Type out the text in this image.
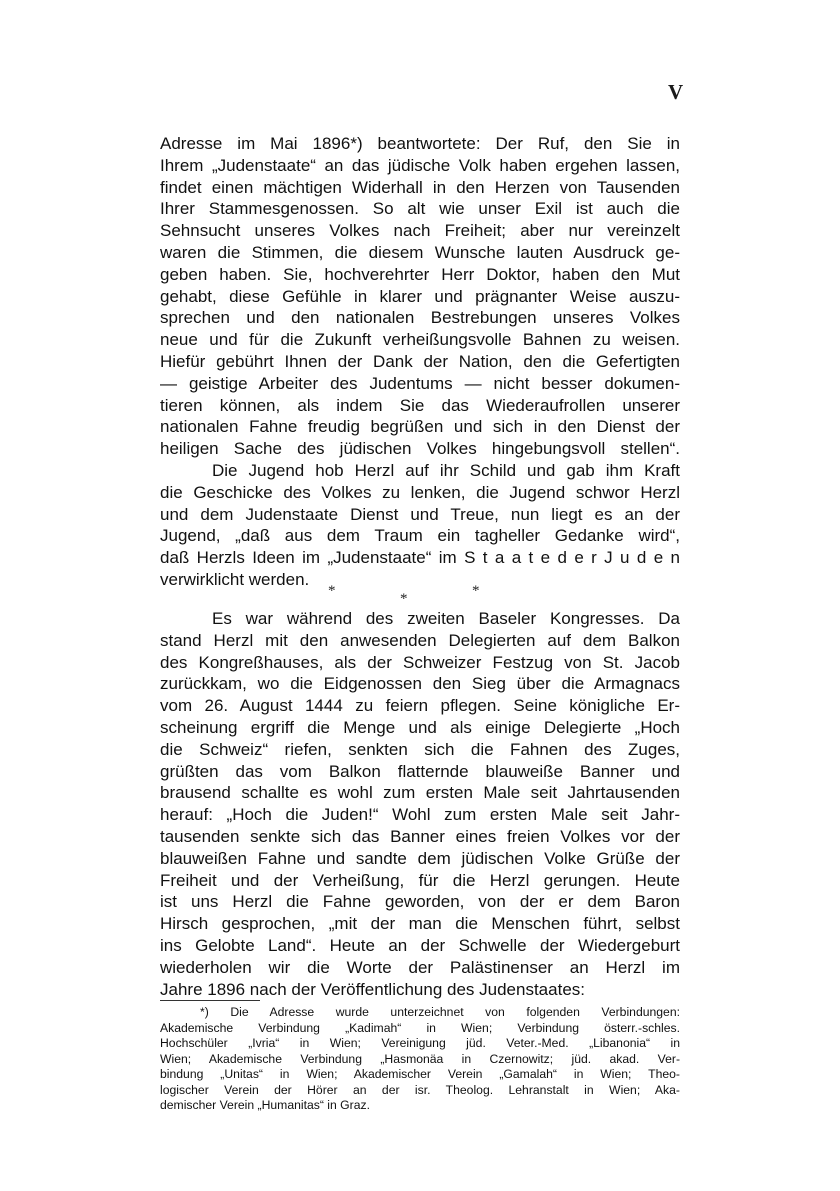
V
Adresse im Mai 1896*) beantwortete: Der Ruf, den Sie in
Ihrem „Judenstaate“ an das jüdische Volk haben ergehen lassen,
findet einen mächtigen Widerhall in den Herzen von Tausenden
Ihrer Stammesgenossen. So alt wie unser Exil ist auch die
Sehnsucht unseres Volkes nach Freiheit; aber nur vereinzelt
waren die Stimmen, die diesem Wunsche lauten Ausdruck ge-
geben haben. Sie, hochverehrter Herr Doktor, haben den Mut
gehabt, diese Gefühle in klarer und prägnanter Weise auszu-
sprechen und den nationalen Bestrebungen unseres Volkes
neue und für die Zukunft verheißungsvolle Bahnen zu weisen.
Hiefür gebührt Ihnen der Dank der Nation, den die Gefertigten
— geistige Arbeiter des Judentums — nicht besser dokumen-
tieren können, als indem Sie das Wiederaufrollen unserer
nationalen Fahne freudig begrüßen und sich in den Dienst der
heiligen Sache des jüdischen Volkes hingebungsvoll stellen“.
Die Jugend hob Herzl auf ihr Schild und gab ihm Kraft
die Geschicke des Volkes zu lenken, die Jugend schwor Herzl
und dem Judenstaate Dienst und Treue, nun liegt es an der
Jugend, „daß aus dem Traum ein tagheller Gedanke wird“,
daß Herzls Ideen im „Judenstaate“ im S t a a t e d e r J u d e n
verwirklicht werden.
*	*	*
Es war während des zweiten Baseler Kongresses. Da
stand Herzl mit den anwesenden Delegierten auf dem Balkon
des Kongreßhauses, als der Schweizer Festzug von St. Jacob
zurückkam, wo die Eidgenossen den Sieg über die Armagnacs
vom 26. August 1444 zu feiern pflegen. Seine königliche Er-
scheinung ergriff die Menge und als einige Delegierte „Hoch
die Schweiz“ riefen, senkten sich die Fahnen des Zuges,
grüßten das vom Balkon flatternde blauweiße Banner und
brausend schallte es wohl zum ersten Male seit Jahrtausenden
herauf: „Hoch die Juden!“ Wohl zum ersten Male seit Jahr-
tausenden senkte sich das Banner eines freien Volkes vor der
blauweißen Fahne und sandte dem jüdischen Volke Grüße der
Freiheit und der Verheißung, für die Herzl gerungen. Heute
ist uns Herzl die Fahne geworden, von der er dem Baron
Hirsch gesprochen, „mit der man die Menschen führt, selbst
ins Gelobte Land“. Heute an der Schwelle der Wiedergeburt
wiederholen wir die Worte der Palästinenser an Herzl im
Jahre 1896 nach der Veröffentlichung des Judenstaates:
*) Die Adresse wurde unterzeichnet von folgenden Verbindungen:
Akademische Verbindung „Kadimah“ in Wien; Verbindung österr.-schles.
Hochschüler „Ivria“ in Wien; Vereinigung jüd. Veter.-Med. „Libanonia“ in
Wien; Akademische Verbindung „Hasmonäa in Czernowitz; jüd. akad. Ver-
bindung „Unitas“ in Wien; Akademischer Verein „Gamalah“ in Wien; Theo-
logischer Verein der Hörer an der isr. Theolog. Lehranstalt in Wien; Aka-
demischer Verein „Humanitas“ in Graz.
